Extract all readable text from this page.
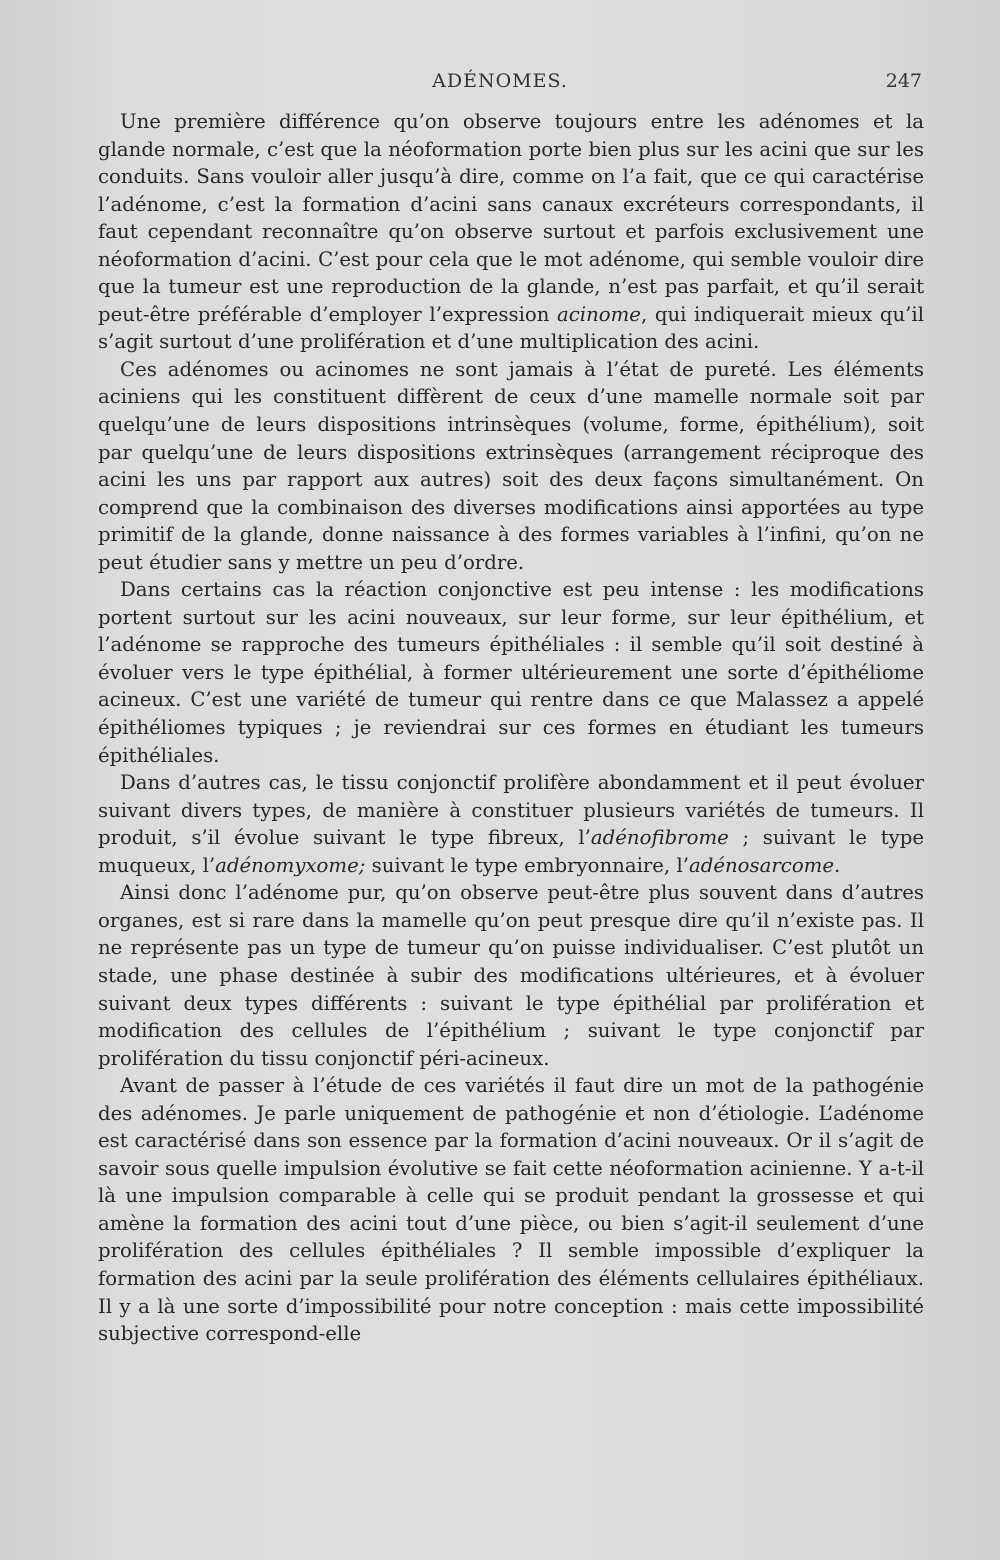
ADÉNOMES.	247

Une première différence qu’on observe toujours entre les adénomes et la glande normale, c’est que la néoformation porte bien plus sur les acini que sur les conduits. Sans vouloir aller jusqu’à dire, comme on l’a fait, que ce qui caractérise l’adénome, c’est la formation d’acini sans canaux excréteurs correspondants, il faut cependant reconnaître qu’on observe surtout et parfois exclusivement une néoformation d’acini. C’est pour cela que le mot adénome, qui semble vouloir dire que la tumeur est une reproduction de la glande, n’est pas parfait, et qu’il serait peut-être préférable d’employer l’expression acinome, qui indiquerait mieux qu’il s’agit surtout d’une prolifération et d’une multiplication des acini.

Ces adénomes ou acinomes ne sont jamais à l’état de pureté. Les éléments aciniens qui les constituent diffèrent de ceux d’une mamelle normale soit par quelqu’une de leurs dispositions intrinsèques (volume, forme, épithélium), soit par quelqu’une de leurs dispositions extrinsèques (arrangement réciproque des acini les uns par rapport aux autres) soit des deux façons simultanément. On comprend que la combinaison des diverses modifications ainsi apportées au type primitif de la glande, donne naissance à des formes variables à l’infini, qu’on ne peut étudier sans y mettre un peu d’ordre.

Dans certains cas la réaction conjonctive est peu intense : les modifications portent surtout sur les acini nouveaux, sur leur forme, sur leur épithélium, et l’adénome se rapproche des tumeurs épithéliales : il semble qu’il soit destiné à évoluer vers le type épithélial, à former ultérieurement une sorte d’épithéliome acineux. C’est une variété de tumeur qui rentre dans ce que Malassez a appelé épithéliomes typiques ; je reviendrai sur ces formes en étudiant les tumeurs épithéliales.

Dans d’autres cas, le tissu conjonctif prolifère abondamment et il peut évoluer suivant divers types, de manière à constituer plusieurs variétés de tumeurs. Il produit, s’il évolue suivant le type fibreux, l’adénofibrome ; suivant le type muqueux, l’adénomyxome; suivant le type embryonnaire, l’adénosarcome.

Ainsi donc l’adénome pur, qu’on observe peut-être plus souvent dans d’autres organes, est si rare dans la mamelle qu’on peut presque dire qu’il n’existe pas. Il ne représente pas un type de tumeur qu’on puisse individualiser. C’est plutôt un stade, une phase destinée à subir des modifications ultérieures, et à évoluer suivant deux types différents : suivant le type épithélial par prolifération et modification des cellules de l’épithélium ; suivant le type conjonctif par prolifération du tissu conjonctif péri-acineux.

Avant de passer à l’étude de ces variétés il faut dire un mot de la pathogénie des adénomes. Je parle uniquement de pathogénie et non d’étiologie. L’adénome est caractérisé dans son essence par la formation d’acini nouveaux. Or il s’agit de savoir sous quelle impulsion évolutive se fait cette néoformation acinienne. Y a-t-il là une impulsion comparable à celle qui se produit pendant la grossesse et qui amène la formation des acini tout d’une pièce, ou bien s’agit-il seulement d’une prolifération des cellules épithéliales ? Il semble impossible d’expliquer la formation des acini par la seule prolifération des éléments cellulaires épithéliaux. Il y a là une sorte d’impossibilité pour notre conception : mais cette impossibilité subjective correspond-elle
